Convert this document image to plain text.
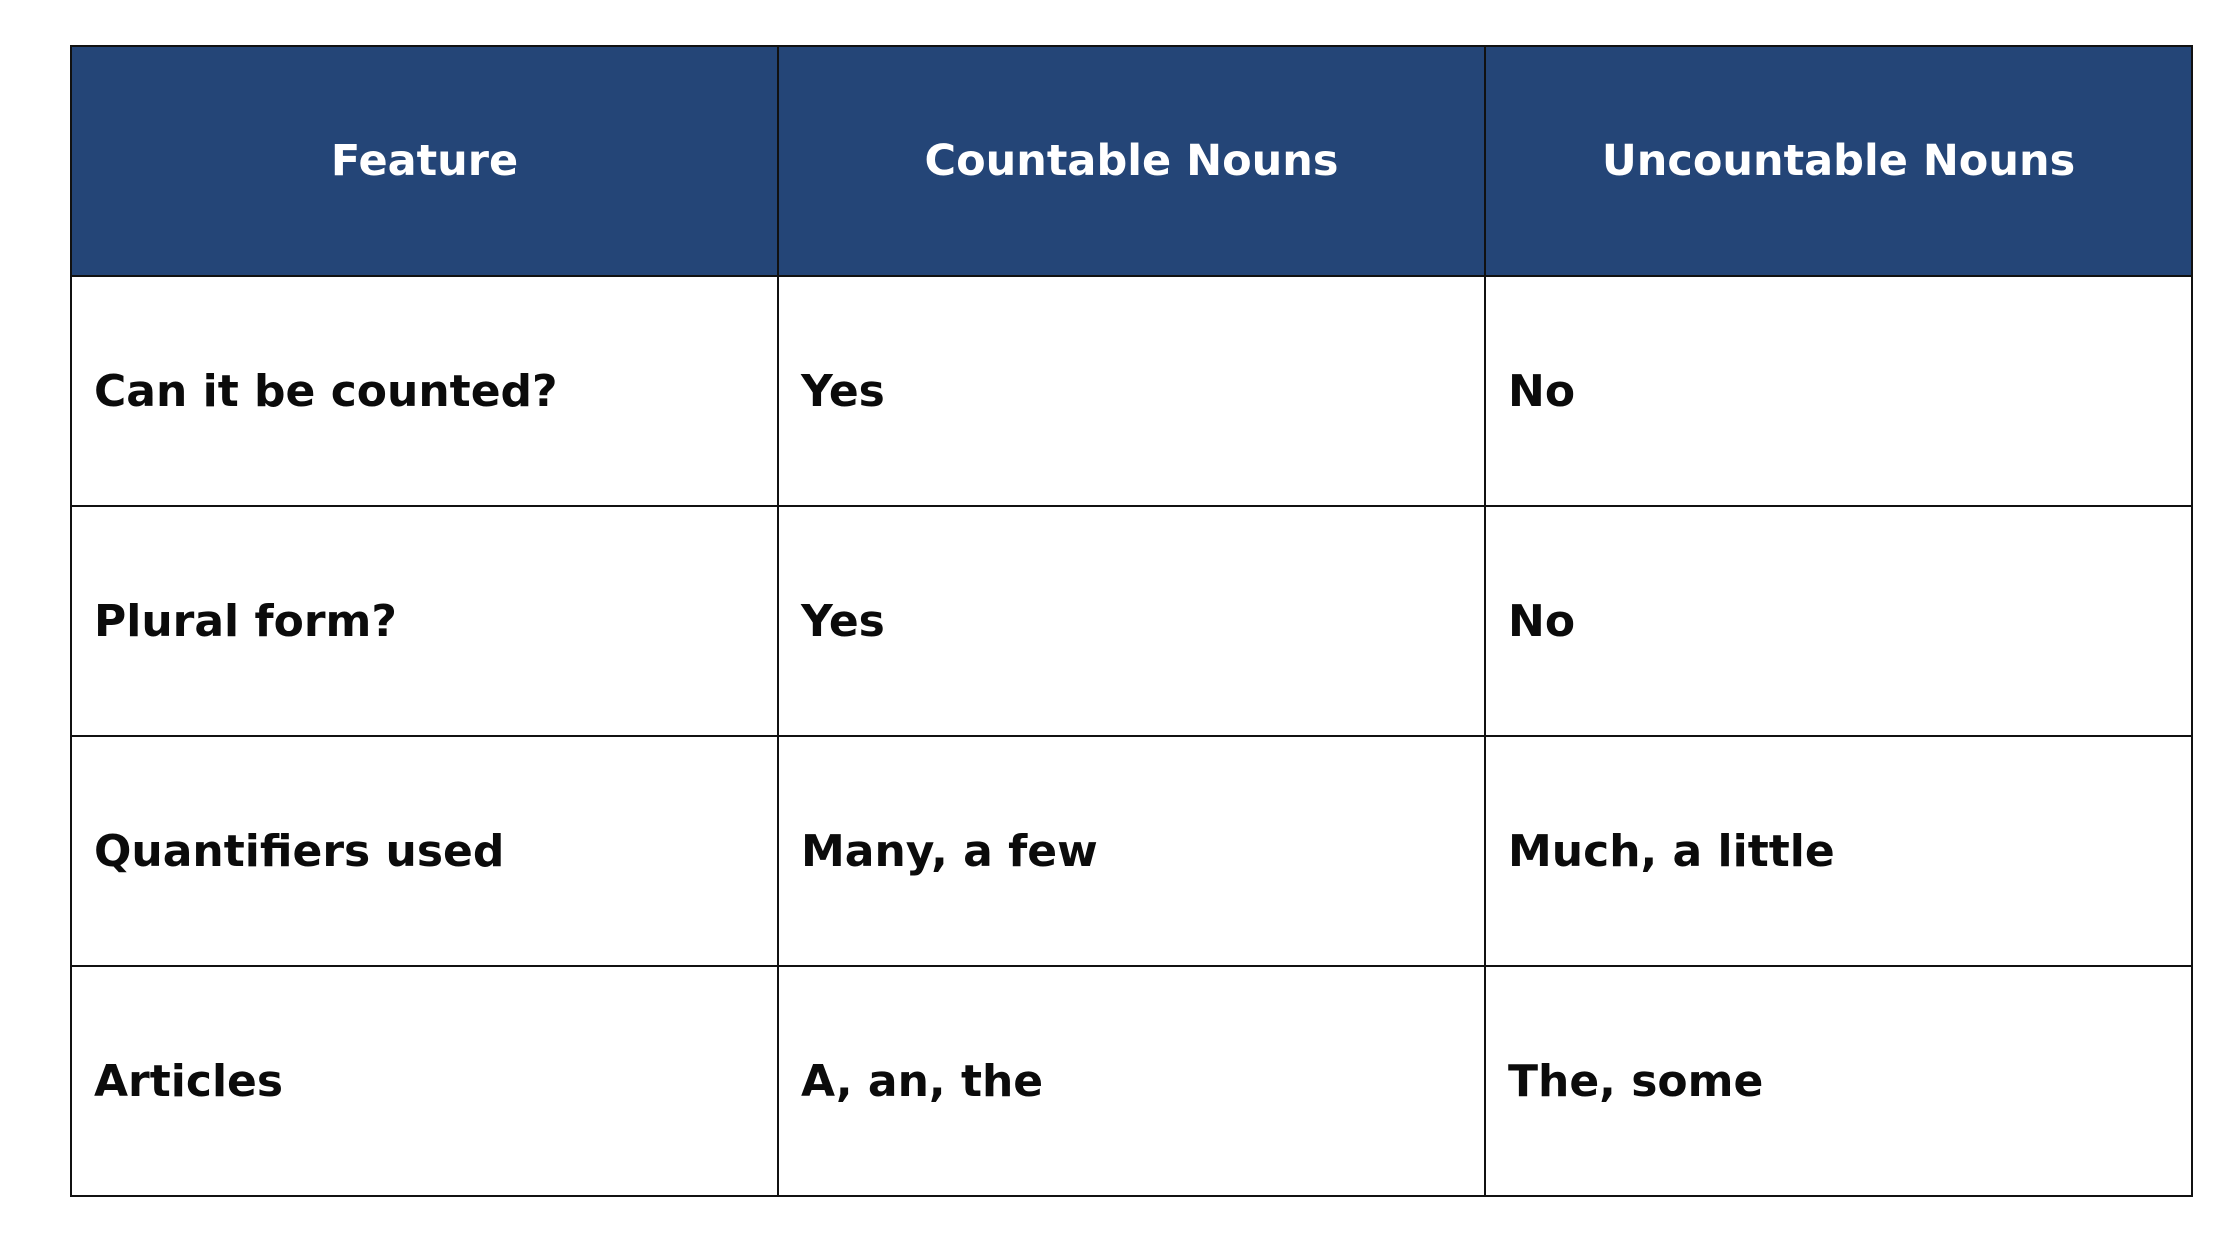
Feature	Countable Nouns	Uncountable Nouns
Can it be counted?	Yes	No
Plural form?	Yes	No
Quantifiers used	Many, a few	Much, a little
Articles	A, an, the	The, some
